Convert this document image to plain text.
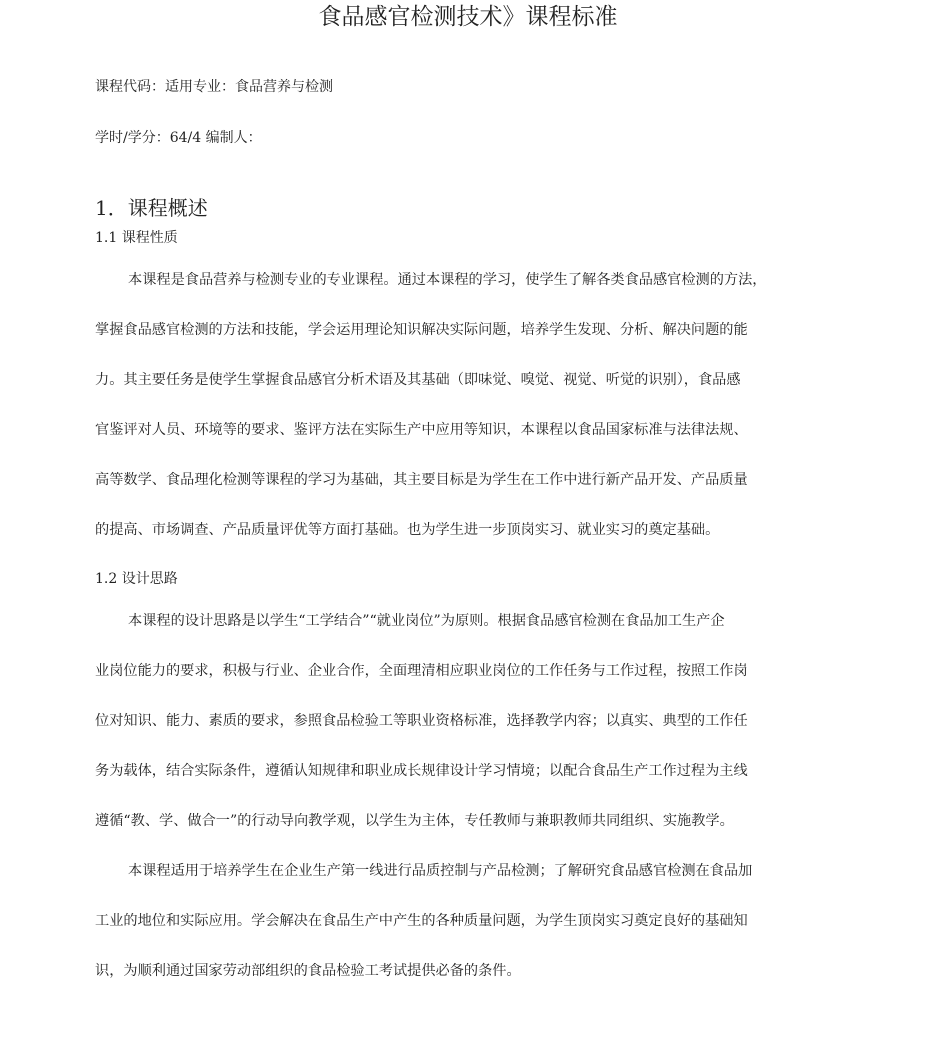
食品感官检测技术》课程标准
课程代码：适用专业：食品营养与检测
学时/学分：64/4 编制人：
1．课程概述
1.1 课程性质
本课程是食品营养与检测专业的专业课程。通过本课程的学习，使学生了解各类食品感官检测的方法，
掌握食品感官检测的方法和技能，学会运用理论知识解决实际问题，培养学生发现、分析、解决问题的能
力。其主要任务是使学生掌握食品感官分析术语及其基础（即味觉、嗅觉、视觉、听觉的识别），食品感
官鉴评对人员、环境等的要求、鉴评方法在实际生产中应用等知识，本课程以食品国家标准与法律法规、
高等数学、食品理化检测等课程的学习为基础，其主要目标是为学生在工作中进行新产品开发、产品质量
的提高、市场调查、产品质量评优等方面打基础。也为学生进一步顶岗实习、就业实习的奠定基础。
1.2 设计思路
本课程的设计思路是以学生“工学结合”“就业岗位”为原则。根据食品感官检测在食品加工生产企
业岗位能力的要求，积极与行业、企业合作，全面理清相应职业岗位的工作任务与工作过程，按照工作岗
位对知识、能力、素质的要求，参照食品检验工等职业资格标准，选择教学内容；以真实、典型的工作任
务为载体，结合实际条件，遵循认知规律和职业成长规律设计学习情境；以配合食品生产工作过程为主线
遵循“教、学、做合一”的行动导向教学观，以学生为主体，专任教师与兼职教师共同组织、实施教学。
本课程适用于培养学生在企业生产第一线进行品质控制与产品检测；了解研究食品感官检测在食品加
工业的地位和实际应用。学会解决在食品生产中产生的各种质量问题，为学生顶岗实习奠定良好的基础知
识，为顺利通过国家劳动部组织的食品检验工考试提供必备的条件。
